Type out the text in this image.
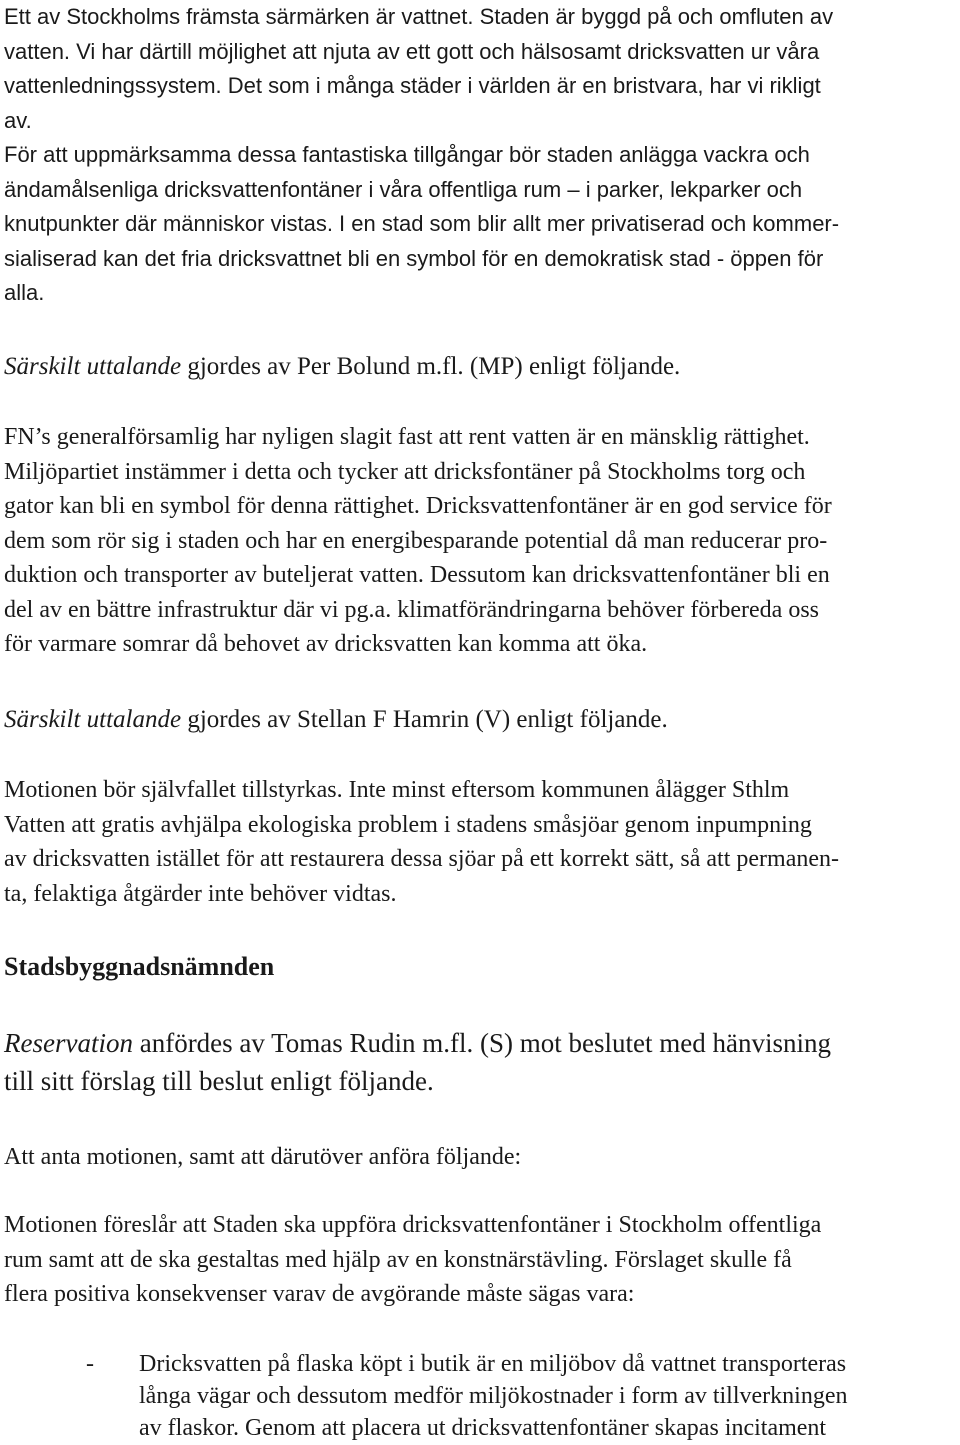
Ett av Stockholms främsta särmärken är vattnet. Staden är byggd på och omfluten av
vatten. Vi har därtill möjlighet att njuta av ett gott och hälsosamt dricksvatten ur våra
vattenledningssystem. Det som i många städer i världen är en bristvara, har vi rikligt
av.
För att uppmärksamma dessa fantastiska tillgångar bör staden anlägga vackra och
ändamålsenliga dricksvattenfontäner i våra offentliga rum – i parker, lekparker och
knutpunkter där människor vistas. I en stad som blir allt mer privatiserad och kommer-
sialiserad kan det fria dricksvattnet bli en symbol för en demokratisk stad - öppen för
alla.

Särskilt uttalande gjordes av Per Bolund m.fl. (MP) enligt följande.

FN’s generalförsamlig har nyligen slagit fast att rent vatten är en mänsklig rättighet.
Miljöpartiet instämmer i detta och tycker att dricksfontäner på Stockholms torg och
gator kan bli en symbol för denna rättighet. Dricksvattenfontäner är en god service för
dem som rör sig i staden och har en energibesparande potential då man reducerar pro-
duktion och transporter av buteljerat vatten. Dessutom kan dricksvattenfontäner bli en
del av en bättre infrastruktur där vi pg.a. klimatförändringarna behöver förbereda oss
för varmare somrar då behovet av dricksvatten kan komma att öka.

Särskilt uttalande gjordes av Stellan F Hamrin (V) enligt följande.

Motionen bör självfallet tillstyrkas. Inte minst eftersom kommunen ålägger Sthlm
Vatten att gratis avhjälpa ekologiska problem i stadens småsjöar genom inpumpning
av dricksvatten istället för att restaurera dessa sjöar på ett korrekt sätt, så att permanen-
ta, felaktiga åtgärder inte behöver vidtas.

Stadsbyggnadsnämnden

Reservation anfördes av Tomas Rudin m.fl. (S) mot beslutet med hänvisning

till sitt förslag till beslut enligt följande.

Att anta motionen, samt att därutöver anföra följande:

Motionen föreslår att Staden ska uppföra dricksvattenfontäner i Stockholm offentliga
rum samt att de ska gestaltas med hjälp av en konstnärstävling. Förslaget skulle få
flera positiva konsekvenser varav de avgörande måste sägas vara:

- Dricksvatten på flaska köpt i butik är en miljöbov då vattnet transporteras
långa vägar och dessutom medför miljökostnader i form av tillverkningen
av flaskor. Genom att placera ut dricksvattenfontäner skapas incitament
